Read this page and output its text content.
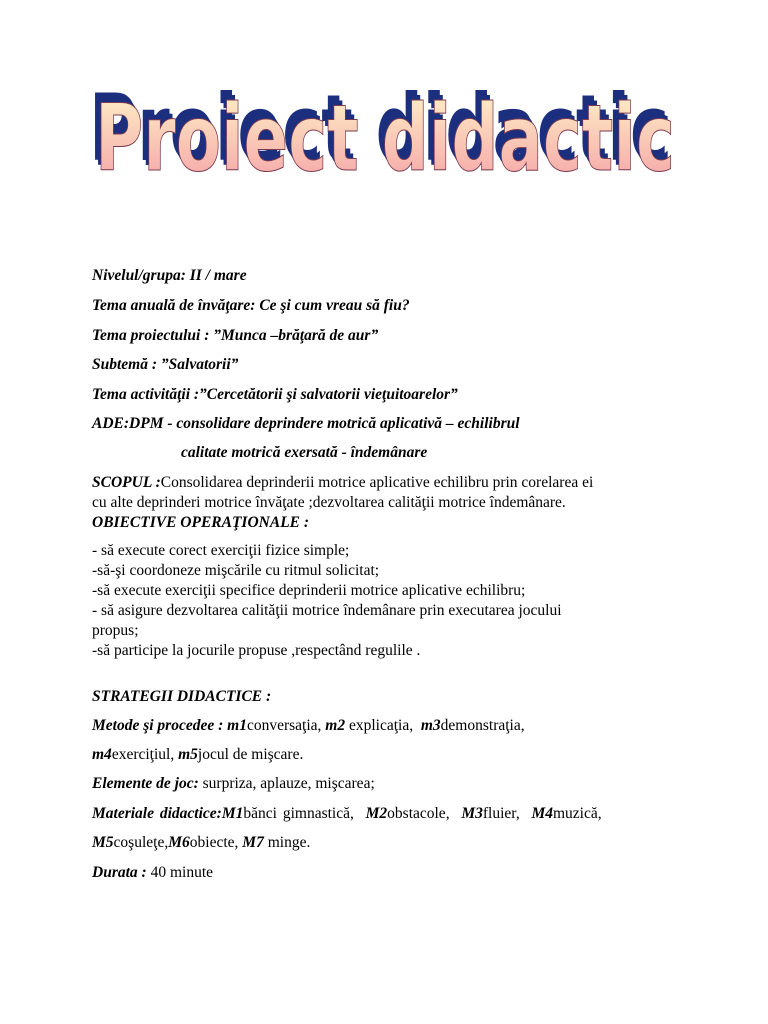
Proiect didactic
Proiect didactic
Proiect didactic
Nivelul/grupa: II / mare
Tema anuală de învăţare: Ce şi cum vreau să fiu?
Tema proiectului : ”Munca –brăţară de aur”
Subtemă : ”Salvatorii”
Tema activităţii :”Cercetătorii şi salvatorii vieţuitoarelor”
ADE:DPM - consolidare deprindere motrică aplicativă – echilibrul
calitate motrică exersată - îndemânare
SCOPUL :Consolidarea deprinderii motrice aplicative echilibru prin corelarea ei
cu alte deprinderi motrice învăţate ;dezvoltarea calităţii motrice îndemânare.
OBIECTIVE OPERAŢIONALE :
- să execute corect exerciţii fizice simple;
-să-şi coordoneze mişcările cu ritmul solicitat;
-să execute exerciţii specifice deprinderii motrice aplicative echilibru;
- să asigure dezvoltarea calităţii motrice îndemânare prin executarea jocului
propus;
-să participe la jocurile propuse ,respectând regulile .
STRATEGII DIDACTICE :
Metode şi procedee : m1conversaţia, m2 explicaţia, m3demonstraţia,
m4exerciţiul, m5jocul de mişcare.
Elemente de joc: surpriza, aplauze, mişcarea;
Materiale didactice:M1bănci gimnastică, M2obstacole, M3fluier, M4muzică,
M5coşuleţe,M6obiecte, M7 minge.
Durata : 40 minute
